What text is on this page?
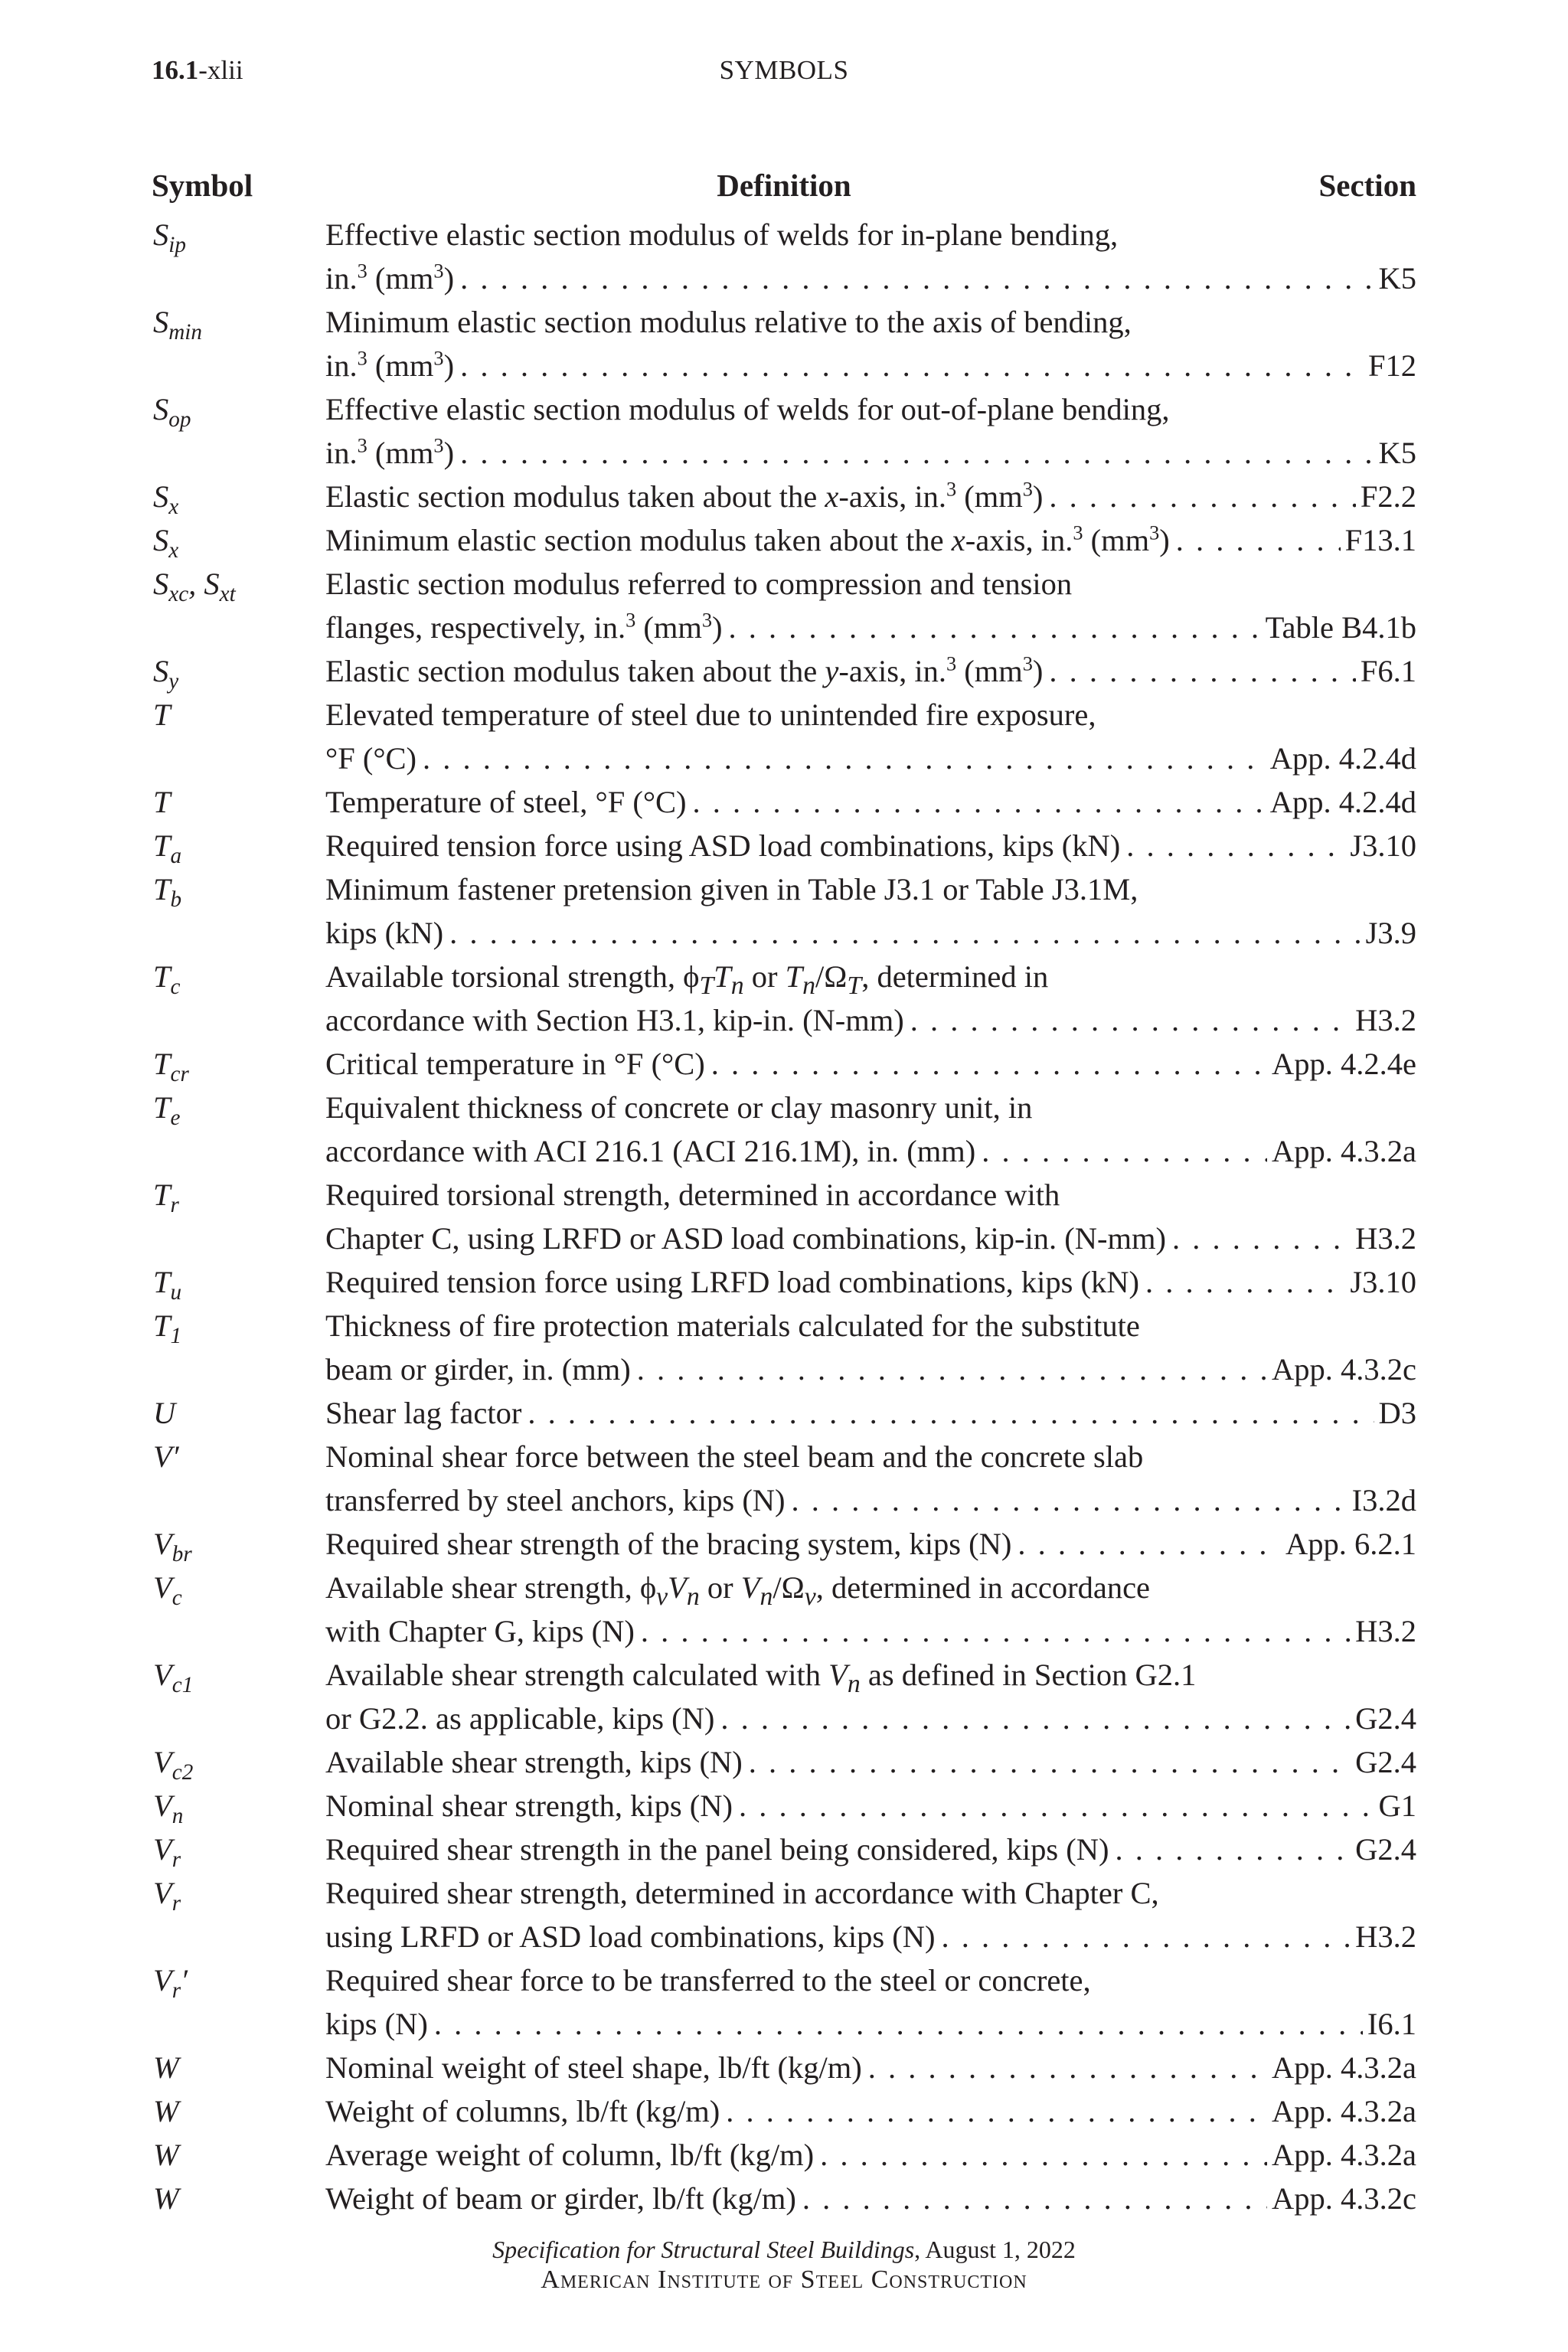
16.1-xlii	SYMBOLS
Symbol	Definition	Section
$S_{ip}$	Effective elastic section modulus of welds for in-plane bending,
in.$^3$ $(mm^3)$ . . .	K5
$S_{min}$	Minimum elastic section modulus relative to the axis of bending,
in.$^3$ $(mm^3)$ . . .	F12
$S_{op}$	Effective elastic section modulus of welds for out-of-plane bending,
in.$^3$ $(mm^3)$ . . .	K5
$S_x$	Elastic section modulus taken about the x-axis, in.$^3$ $(mm^3)$ . . .	F2.2
$S_x$	Minimum elastic section modulus taken about the x-axis, in.$^3$ $(mm^3)$ . . .	F13.1
$S_{xc}$, $S_{xt}$	Elastic section modulus referred to compression and tension
flanges, respectively, in.$^3$ $(mm^3)$ . . .	Table B4.1b
$S_y$	Elastic section modulus taken about the y-axis, in.$^3$ $(mm^3)$ . . .	F6.1
T	Elevated temperature of steel due to unintended fire exposure,
°F (°C) . . .	App. 4.2.4d
T	Temperature of steel, °F (°C) . . .	App. 4.2.4d
$T_a$	Required tension force using ASD load combinations, kips (kN) . . .	J3.10
$T_b$	Minimum fastener pretension given in Table J3.1 or Table J3.1M,
kips (kN) . . .	J3.9
$T_c$	Available torsional strength, $\phi_TT_n$ or $T_n/\Omega_T$, determined in
accordance with Section H3.1, kip-in. (N-mm) . . .	H3.2
$T_{cr}$	Critical temperature in °F (°C) . . .	App. 4.2.4e
$T_e$	Equivalent thickness of concrete or clay masonry unit, in
accordance with ACI 216.1 (ACI 216.1M), in. (mm) . . .	App. 4.3.2a
$T_r$	Required torsional strength, determined in accordance with
Chapter C, using LRFD or ASD load combinations, kip-in. (N-mm) . . .	H3.2
$T_u$	Required tension force using LRFD load combinations, kips (kN) . . .	J3.10
$T_1$	Thickness of fire protection materials calculated for the substitute
beam or girder, in. (mm) . . .	App. 4.3.2c
U	Shear lag factor . . .	D3
V′	Nominal shear force between the steel beam and the concrete slab
transferred by steel anchors, kips (N) . . .	I3.2d
$V_{br}$	Required shear strength of the bracing system, kips (N) . . .	App. 6.2.1
$V_c$	Available shear strength, $\phi_vV_n$ or $V_n/\Omega_v$, determined in accordance
with Chapter G, kips (N) . . .	H3.2
$V_{c1}$	Available shear strength calculated with $V_n$ as defined in Section G2.1
or G2.2. as applicable, kips (N) . . .	G2.4
$V_{c2}$	Available shear strength, kips (N) . . .	G2.4
$V_n$	Nominal shear strength, kips (N) . . .	G1
$V_r$	Required shear strength in the panel being considered, kips (N) . . .	G2.4
$V_r$	Required shear strength, determined in accordance with Chapter C,
using LRFD or ASD load combinations, kips (N) . . .	H3.2
$V_r'$	Required shear force to be transferred to the steel or concrete,
kips (N) . . .	I6.1
W	Nominal weight of steel shape, lb/ft (kg/m) . . .	App. 4.3.2a
W	Weight of columns, lb/ft (kg/m) . . .	App. 4.3.2a
W	Average weight of column, lb/ft (kg/m) . . .	App. 4.3.2a
W	Weight of beam or girder, lb/ft (kg/m) . . .	App. 4.3.2c
Specification for Structural Steel Buildings, August 1, 2022
American Institute of Steel Construction
